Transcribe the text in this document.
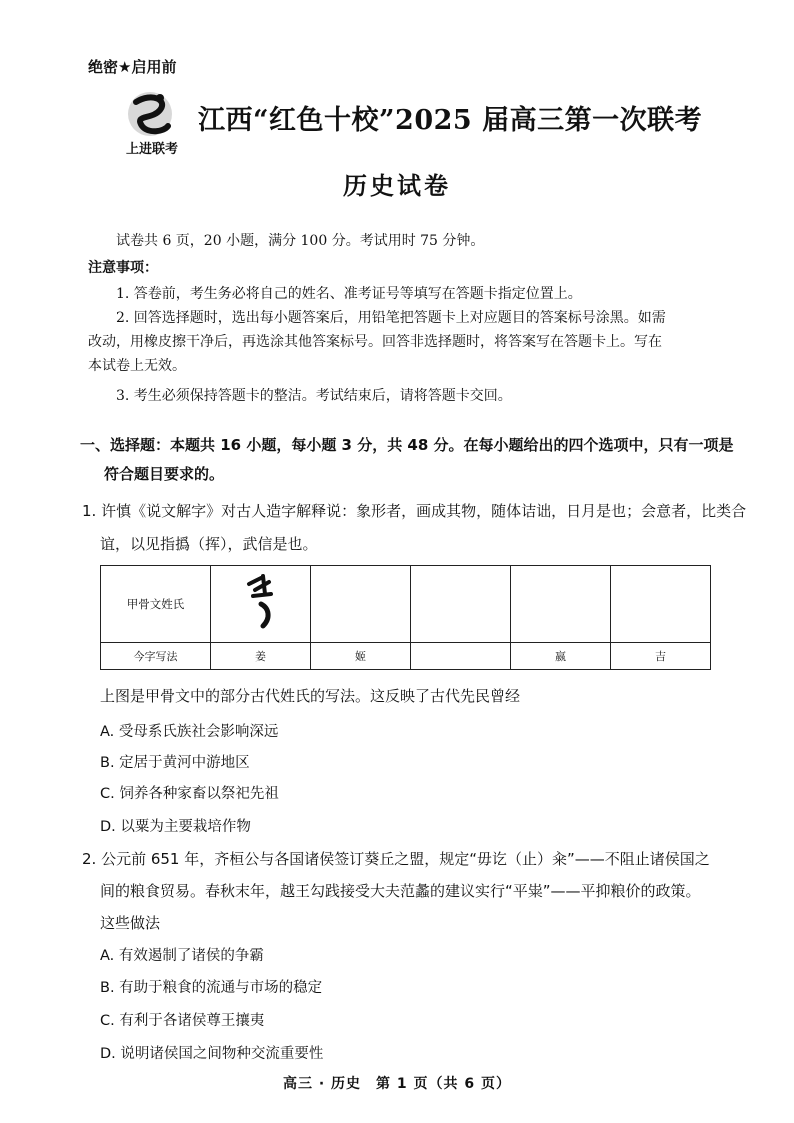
绝密★启用前
上进联考
江西“红色十校”2025 届高三第一次联考
历史试卷
试卷共 6 页，20 小题，满分 100 分。考试用时 75 分钟。
注意事项：
1. 答卷前，考生务必将自己的姓名、准考证号等填写在答题卡指定位置上。
2. 回答选择题时，选出每小题答案后，用铅笔把答题卡上对应题目的答案标号涂黑。如需
改动，用橡皮擦干净后，再选涂其他答案标号。回答非选择题时，将答案写在答题卡上。写在
本试卷上无效。
3. 考生必须保持答题卡的整洁。考试结束后，请将答题卡交回。
一、选择题：本题共 16 小题，每小题 3 分，共 48 分。在每小题给出的四个选项中，只有一项是
符合题目要求的。
1. 许慎《说文解字》对古人造字解释说：象形者，画成其物，随体诘诎，日月是也；会意者，比类合
谊，以见指撝（挥），武信是也。
甲骨文姓氏					
今字写法	姜	姬		嬴	吉
上图是甲骨文中的部分古代姓氏的写法。这反映了古代先民曾经
A. 受母系氏族社会影响深远
B. 定居于黄河中游地区
C. 饲养各种家畜以祭祀先祖
D. 以粟为主要栽培作物
2. 公元前 651 年，齐桓公与各国诸侯签订葵丘之盟，规定“毋讫（止）籴”——不阻止诸侯国之
间的粮食贸易。春秋末年，越王勾践接受大夫范蠡的建议实行“平粜”——平抑粮价的政策。
这些做法
A. 有效遏制了诸侯的争霸
B. 有助于粮食的流通与市场的稳定
C. 有利于各诸侯尊王攘夷
D. 说明诸侯国之间物种交流重要性
高三 · 历史　第 1 页（共 6 页）
